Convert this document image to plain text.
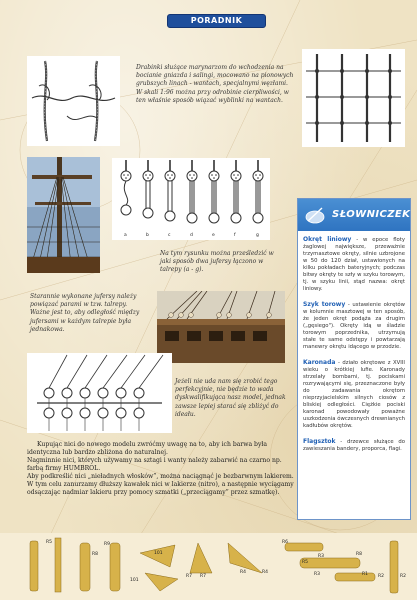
PORADNIK
Drabinki służące marynarzom do wchodzenia na bocianie gniazda i salingi, mocowano na pionowych grubszych linach - wantach, specjalnymi węzłami. W skali 1:96 można przy odrobinie cierpliwości, w ten właśnie sposób wiązać wyblinki na wantach.
a	b	c	d	e	f	g
Na tym rysunku można prześledzić w jaki sposób dwa jufersy łączono w talrepy (a - g).
Starannie wykonane jufersy należy powiązać parami w tzw. talrepy. Ważne jest to, aby odległość między jufersami w każdym talrepie była jednakowa.
Jeżeli nie uda nam się zrobić tego perfekcyjnie, nie będzie to wada dyskwalifikująca nasz model, jednak zawsze lepiej starać się zbliżyć do ideału.
SŁOWNICZEK
Okręt liniowy - w epoce floty żaglowej największe, przeważnie trzymasztowe okręty, silnie uzbrojone w 50 do 120 dział, ustawionych na kilku pokładach bateryjnych; podczas bitwy okręty te szły w szyku torowym, tj. w szyku linii, stąd nazwa: okręt liniowy.
Szyk torowy - ustawienie okrętów w kolumnie masztowej w ten sposób, że jeden okręt podąża za drugim („gęsiego"). Okręty idą w śladzie torowym poprzednika, utrzymują stałe te same odstępy i powtarzają manewry okrętu idącego w przodzie.
Karonada - działo okrętowe z XVIII wieku o krótkiej lufie. Karonady strzelały bombami, tj. pociskami rozrywającymi się, przeznaczone były do zadawania okrętom nieprzyjacielskim silnych ciosów z bliskiej odległości. Ciężkie pociski karonad powodowały poważne uszkodzenia ówczesnych drewnianych kadłubów okrętów.
Flagsztok - drzewce służące do zawieszania bandery, proporca, flagi.

Kupując nici do nowego modelu zwróćmy uwagę na to, aby ich barwa była identyczna lub bardzo zbliżona do naturalnej.

Nagminnie nici, których używamy na sztagi i wanty należy zabarwić na czarno np. farbą firmy HUMBROL.

Aby podkreślić nici „nieładnych włosków”, można naciągnąć je bezbarwnym lakierem. W tym celu zanurzamy dłuższy kawałek nici w lakierze (nitro), a następnie wyciągamy odsączając nadmiar lakieru przy pomocy szmatki („przeciągamy” przez szmatkę).

R5
R8
R9
101
101
R7 R7
R4	R4
R6
R5
R3
R3
R8
R1 R2	R2
